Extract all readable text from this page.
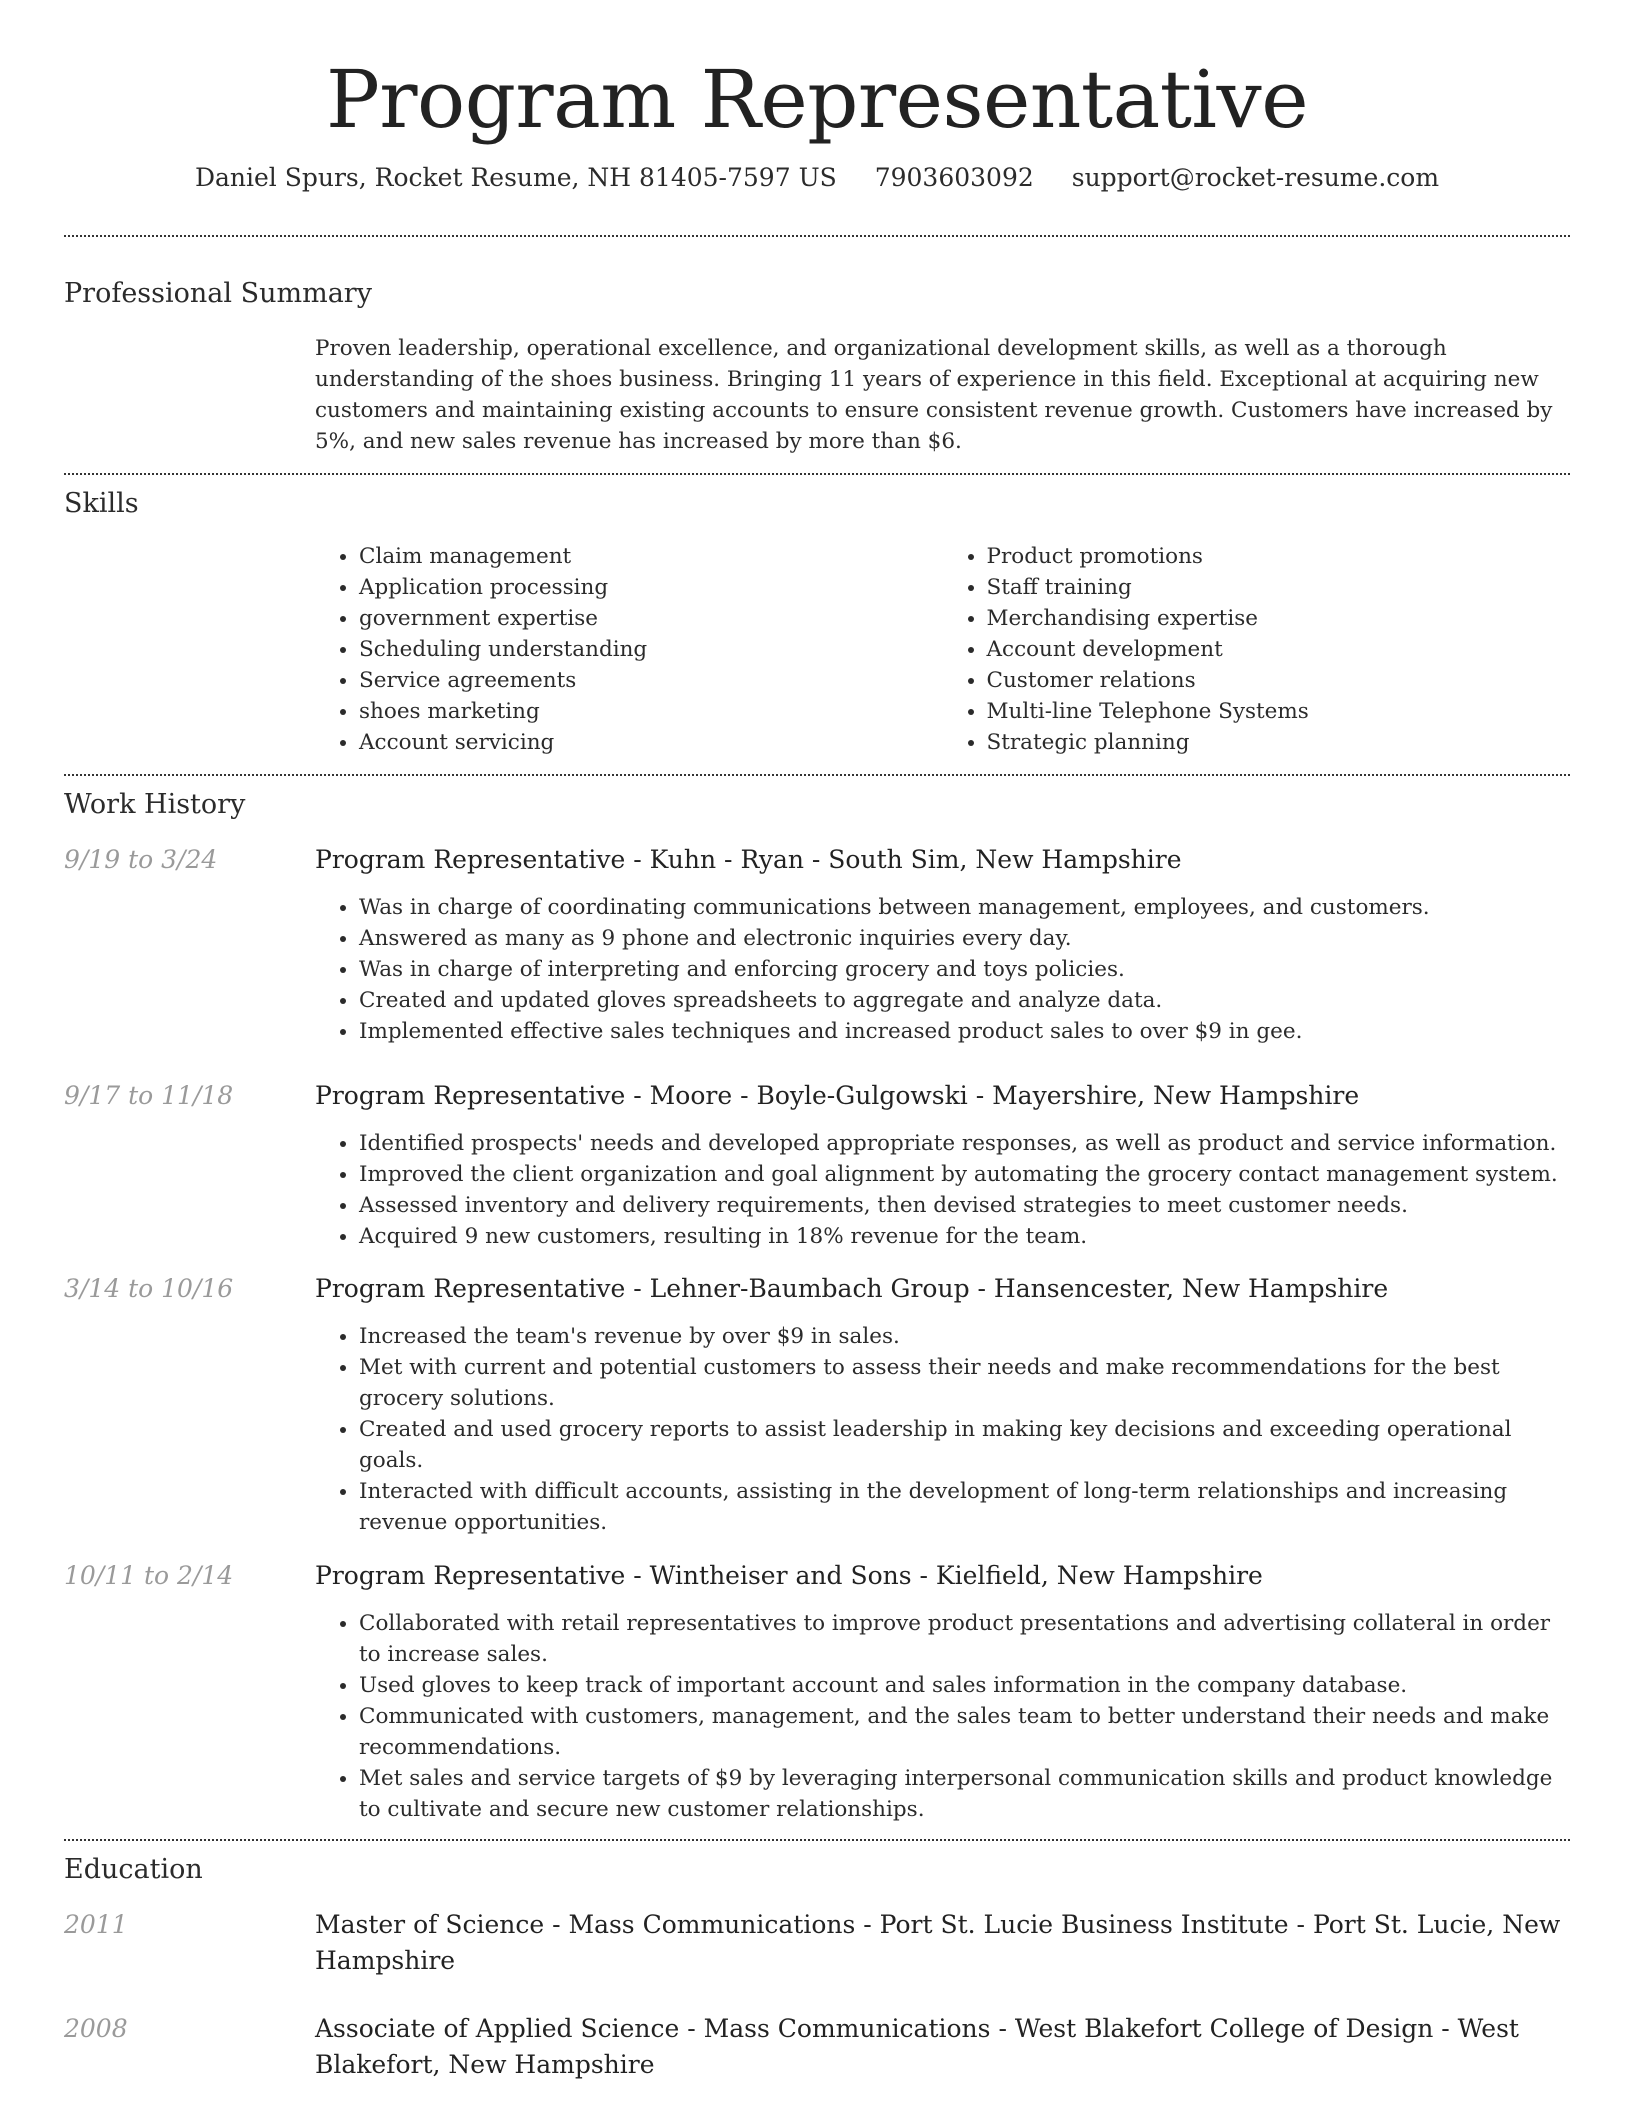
Program Representative
Daniel Spurs, Rocket Resume, NH 81405-7597 US 7903603092 support@rocket-resume.com
Professional Summary
Proven leadership, operational excellence, and organizational development skills, as well as a thorough understanding of the shoes business. Bringing 11 years of experience in this field. Exceptional at acquiring new customers and maintaining existing accounts to ensure consistent revenue growth. Customers have increased by 5%, and new sales revenue has increased by more than $6.
Skills
• Claim management
• Application processing
• government expertise
• Scheduling understanding
• Service agreements
• shoes marketing
• Account servicing
• Product promotions
• Staff training
• Merchandising expertise
• Account development
• Customer relations
• Multi-line Telephone Systems
• Strategic planning
Work History
9/19 to 3/24	Program Representative - Kuhn - Ryan - South Sim, New Hampshire
• Was in charge of coordinating communications between management, employees, and customers.
• Answered as many as 9 phone and electronic inquiries every day.
• Was in charge of interpreting and enforcing grocery and toys policies.
• Created and updated gloves spreadsheets to aggregate and analyze data.
• Implemented effective sales techniques and increased product sales to over $9 in gee.
9/17 to 11/18	Program Representative - Moore - Boyle-Gulgowski - Mayershire, New Hampshire
• Identified prospects' needs and developed appropriate responses, as well as product and service information.
• Improved the client organization and goal alignment by automating the grocery contact management system.
• Assessed inventory and delivery requirements, then devised strategies to meet customer needs.
• Acquired 9 new customers, resulting in 18% revenue for the team.
3/14 to 10/16	Program Representative - Lehner-Baumbach Group - Hansencester, New Hampshire
• Increased the team's revenue by over $9 in sales.
• Met with current and potential customers to assess their needs and make recommendations for the best grocery solutions.
• Created and used grocery reports to assist leadership in making key decisions and exceeding operational goals.
• Interacted with difficult accounts, assisting in the development of long-term relationships and increasing revenue opportunities.
10/11 to 2/14	Program Representative - Wintheiser and Sons - Kielfield, New Hampshire
• Collaborated with retail representatives to improve product presentations and advertising collateral in order to increase sales.
• Used gloves to keep track of important account and sales information in the company database.
• Communicated with customers, management, and the sales team to better understand their needs and make recommendations.
• Met sales and service targets of $9 by leveraging interpersonal communication skills and product knowledge to cultivate and secure new customer relationships.
Education
2011	Master of Science - Mass Communications - Port St. Lucie Business Institute - Port St. Lucie, New Hampshire
2008	Associate of Applied Science - Mass Communications - West Blakefort College of Design - West Blakefort, New Hampshire
